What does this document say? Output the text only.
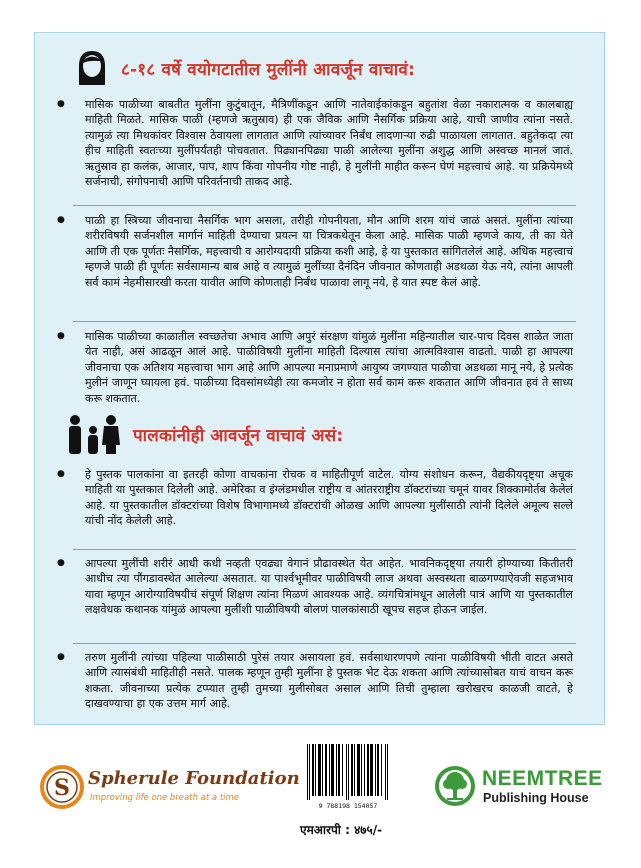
८-१८ वर्षे वयोगटातील मुलींनी आवर्जून वाचावं:

● मासिक पाळीच्या बाबतीत मुलींना कुटुंबातून, मैत्रिणींकडून आणि नातेवाईकांकडून बहुतांश वेळा नकारात्मक व कालबाह्य माहिती मिळते. मासिक पाळी (म्हणजे ऋतुस्राव) ही एक जैविक आणि नैसर्गिक प्रक्रिया आहे, याची जाणीव त्यांना नसते. त्यामुळं त्या मिथकांवर विश्वास ठेवायला लागतात आणि त्यांच्यावर निर्बंध लादणाऱ्या रुढी पाळायला लागतात. बहुतेकदा त्या हीच माहिती स्वतःच्या मुलींपर्यंतही पोचवतात. पिढ्यानपिढ्या पाळी आलेल्या मुलींना अशुद्ध आणि अस्वच्छ मानलं जातं. ऋतुस्राव हा कलंक, आजार, पाप, शाप किंवा गोपनीय गोष्ट नाही, हे मुलींनी माहीत करून घेणं महत्त्वाचं आहे. या प्रक्रियेमध्ये सर्जनाची, संगोपनाची आणि परिवर्तनाची ताकद आहे.

● पाळी हा स्त्रिच्या जीवनाचा नैसर्गिक भाग असला, तरीही गोपनीयता, मौन आणि शरम यांचं जाळं असतं. मुलींना त्यांच्या शरीरविषयी सर्जनशील मार्गानं माहिती देण्याचा प्रयत्न या चित्रकथेतून केला आहे. मासिक पाळी म्हणजे काय, ती का येते आणि ती एक पूर्णतः नैसर्गिक, महत्त्वाची व आरोग्यदायी प्रक्रिया कशी आहे, हे या पुस्तकात सांगितलेलं आहे. अधिक महत्त्वाचं म्हणजे पाळी ही पूर्णतः सर्वसामान्य बाब आहे व त्यामुळं मुलींच्या दैनंदिन जीवनात कोणताही अडथळा येऊ नये, त्यांना आपली सर्व कामं नेहमीसारखी करता यावीत आणि कोणताही निर्बंध पाळावा लागू नये, हे यात स्पष्ट केलं आहे.

● मासिक पाळीच्या काळातील स्वच्छतेचा अभाव आणि अपुरं संरक्षण यांमुळं मुलींना महिन्यातील चार-पाच दिवस शाळेत जाता येत नाही, असं आढळून आलं आहे. पाळीविषयी मुलींना माहिती दिल्यास त्यांचा आत्मविश्वास वाढतो. पाळी हा आपल्या जीवनाचा एक अतिशय महत्त्वाचा भाग आहे आणि आपल्या मनाप्रमाणे आयुष्य जगण्यात पाळीचा अडथळा मानू नये, हे प्रत्येक मुलीनं जाणून घ्यायला हवं. पाळीच्या दिवसांमध्येही त्या कमजोर न होता सर्व कामं करू शकतात आणि जीवनात हवं ते साध्य करू शकतात.

पालकांनीही आवर्जून वाचावं असं:

● हे पुस्तक पालकांना वा इतरही कोणा वाचकांना रोचक व माहितीपूर्ण वाटेल. योग्य संशोधन करून, वैद्यकीयदृष्ट्या अचूक माहिती या पुस्तकात दिलेली आहे. अमेरिका व इंग्लंडमधील राष्ट्रीय व आंतरराष्ट्रीय डॉक्टरांच्या चमूनं यावर शिक्कामोर्तब केलेलं आहे. या पुस्तकातील डॉक्टरांच्या विशेष विभागामध्ये डॉक्टरांची ओळख आणि आपल्या मुलींसाठी त्यांनी दिलेले अमूल्य सल्ले यांची नोंद केलेली आहे.

● आपल्या मुलींची शरीरं आधी कधी नव्हती एवढ्या वेगानं प्रौढावस्थेत येत आहेत. भावनिकदृष्ट्या तयारी होण्याच्या कितीतरी आधीच त्या पौंगडावस्थेत आलेल्या असतात. या पार्श्वभूमीवर पाळीविषयी लाज अथवा अस्वस्थता बाळगण्याऐवजी सहजभाव यावा म्हणून आरोग्याविषयीचं संपूर्ण शिक्षण त्यांना मिळणं आवश्यक आहे. व्यंगचित्रांमधून आलेली पात्रं आणि या पुस्तकातील लक्षवेधक कथानक यांमुळं आपल्या मुलींशी पाळीविषयी बोलणं पालकांसाठी खूपच सहज होऊन जाईल.

● तरुण मुलींनी त्यांच्या पहिल्या पाळीसाठी पुरेसं तयार असायला हवं. सर्वसाधारणपणे त्यांना पाळीविषयी भीती वाटत असते आणि त्यासंबंधी माहितीही नसते. पालक म्हणून तुम्ही मुलींना हे पुस्तक भेट देऊ शकता आणि त्यांच्यासोबत याचं वाचन करू शकता. जीवनाच्या प्रत्येक टप्प्यात तुम्ही तुमच्या मुलीसोबत असाल आणि तिची तुम्हाला खरोखरच काळजी वाटते, हे दाखवण्याचा हा एक उत्तम मार्ग आहे.

S Spherule Foundation
Improving life one breath at a time
9 788198 154057
एमआरपी : ४७५/-
NEEMTREE
Publishing House
